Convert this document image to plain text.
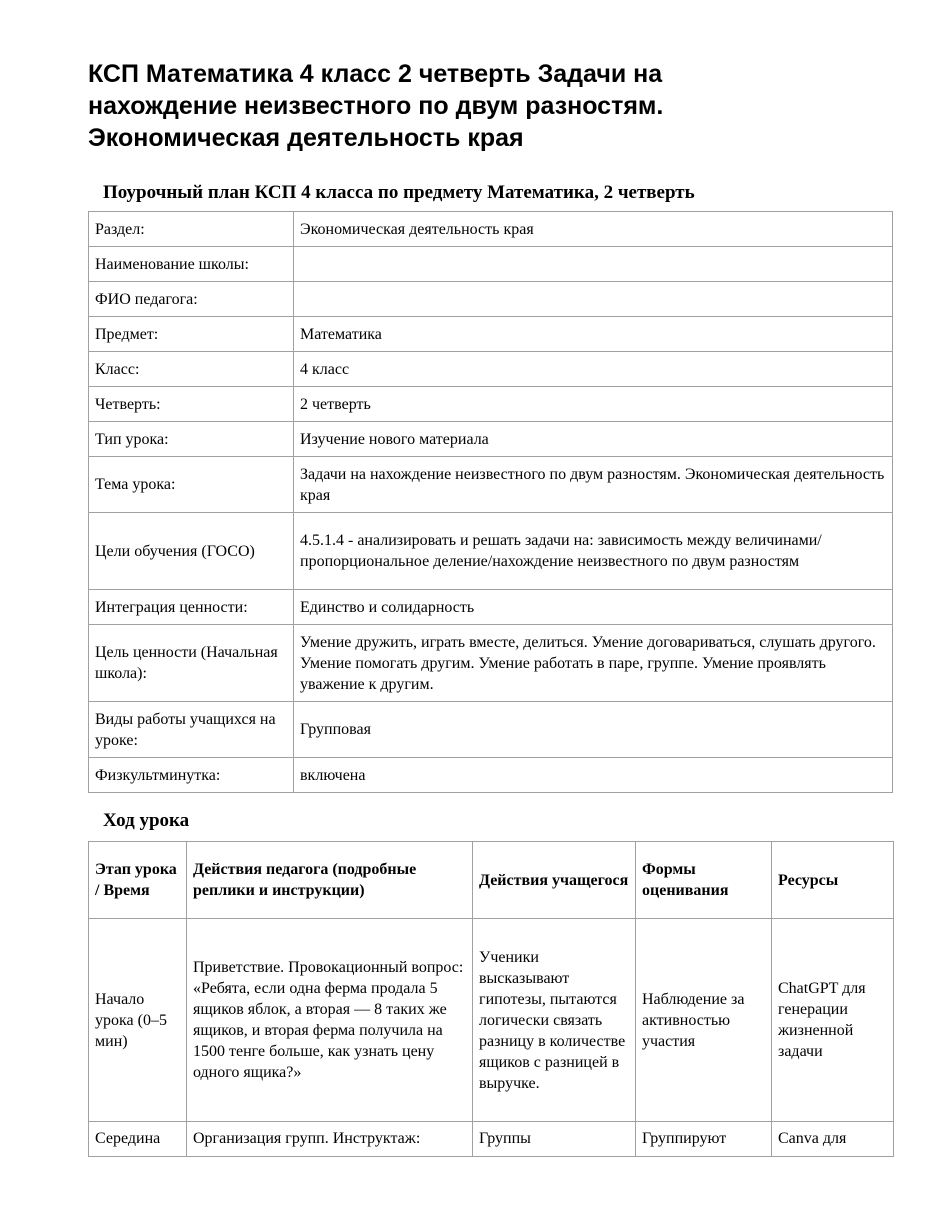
КСП Математика 4 класс 2 четверть Задачи на нахождение неизвестного по двум разностям. Экономическая деятельность края
Поурочный план КСП 4 класса по предмету Математика, 2 четверть
Раздел:	Экономическая деятельность края
Наименование школы:	
ФИО педагога:	
Предмет:	Математика
Класс:	4 класс
Четверть:	2 четверть
Тип урока:	Изучение нового материала
Тема урока:	Задачи на нахождение неизвестного по двум разностям. Экономическая деятельность края
Цели обучения (ГОСО)	4.5.1.4 - анализировать и решать задачи на: зависимость между величинами/ пропорциональное деление/нахождение неизвестного по двум разностям
Интеграция ценности:	Единство и солидарность
Цель ценности (Начальная школа):	Умение дружить, играть вместе, делиться. Умение договариваться, слушать другого. Умение помогать другим. Умение работать в паре, группе. Умение проявлять уважение к другим.
Виды работы учащихся на уроке:	Групповая
Физкультминутка:	включена
Ход урока
Этап урока / Время	Действия педагога (подробные реплики и инструкции)	Действия учащегося	Формы оценивания	Ресурсы
Начало урока (0–5 мин)	Приветствие. Провокационный вопрос: «Ребята, если одна ферма продала 5 ящиков яблок, а вторая — 8 таких же ящиков, и вторая ферма получила на 1500 тенге больше, как узнать цену одного ящика?»	Ученики высказывают гипотезы, пытаются логически связать разницу в количестве ящиков с разницей в выручке.	Наблюдение за активностью участия	ChatGPT для генерации жизненной задачи
Середина	Организация групп. Инструктаж:	Группы	Группируют	Canva для
